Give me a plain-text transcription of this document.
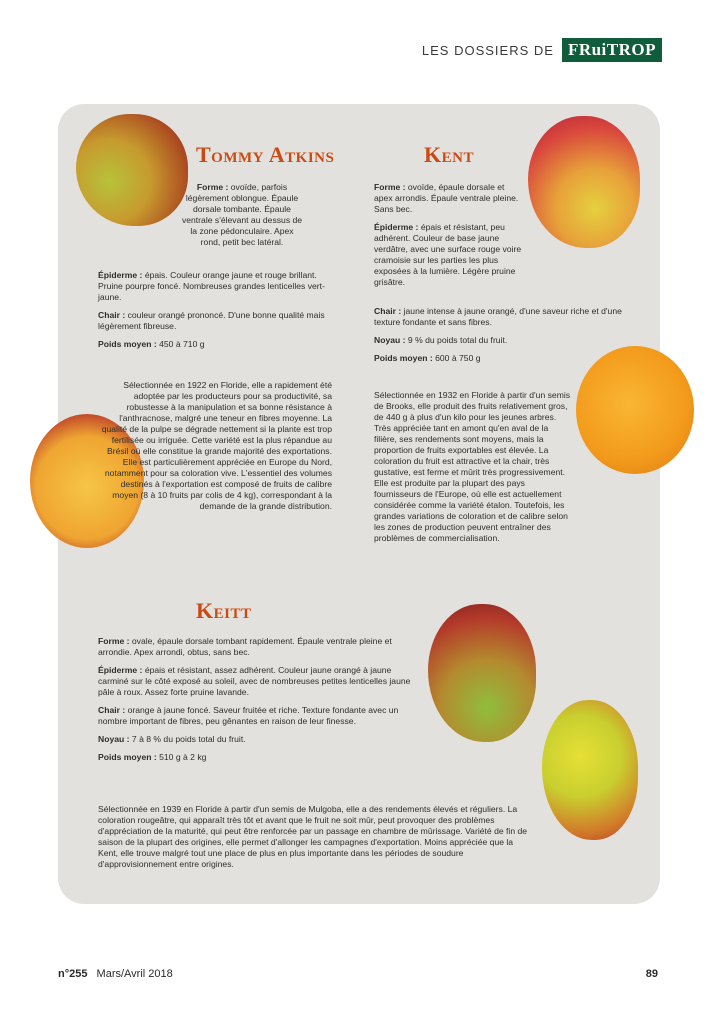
LES DOSSIERS DE FRuiTROP
Tommy Atkins

Forme : ovoïde, parfois légèrement oblongue. Épaule dorsale tombante. Épaule ventrale s'élevant au dessus de la zone pédonculaire. Apex rond, petit bec latéral.

Épiderme : épais. Couleur orange jaune et rouge brillant. Pruine pourpre foncé. Nombreuses grandes lenticelles vert-jaune.

Chair : couleur orangé prononcé. D'une bonne qualité mais légèrement fibreuse.

Poids moyen : 450 à 710 g

Sélectionnée en 1922 en Floride, elle a rapidement été adoptée par les producteurs pour sa productivité, sa robustesse à la manipulation et sa bonne résistance à l'anthracnose, malgré une teneur en fibres moyenne. La qualité de la pulpe se dégrade nettement si la plante est trop fertilisée ou irriguée. Cette variété est la plus répandue au Brésil où elle constitue la grande majorité des exportations. Elle est particulièrement appréciée en Europe du Nord, notamment pour sa coloration vive. L'essentiel des volumes destinés à l'exportation est composé de fruits de calibre moyen (8 à 10 fruits par colis de 4 kg), correspondant à la demande de la grande distribution.
Kent

Forme : ovoïde, épaule dorsale et apex arrondis. Épaule ventrale pleine. Sans bec.

Épiderme : épais et résistant, peu adhérent. Couleur de base jaune verdâtre, avec une surface rouge voire cramoisie sur les parties les plus exposées à la lumière. Légère pruine grisâtre.

Chair : jaune intense à jaune orangé, d'une saveur riche et d'une texture fondante et sans fibres.

Noyau : 9 % du poids total du fruit.

Poids moyen : 600 à 750 g

Sélectionnée en 1932 en Floride à partir d'un semis de Brooks, elle produit des fruits relativement gros, de 440 g à plus d'un kilo pour les jeunes arbres. Très appréciée tant en amont qu'en aval de la filière, ses rendements sont moyens, mais la proportion de fruits exportables est élevée. La coloration du fruit est attractive et la chair, très gustative, est ferme et mûrit très progressivement. Elle est produite par la plupart des pays fournisseurs de l'Europe, où elle est actuellement considérée comme la variété étalon. Toutefois, les grandes variations de coloration et de calibre selon les zones de production peuvent entraîner des problèmes de commercialisation.
Keitt

Forme : ovale, épaule dorsale tombant rapidement. Épaule ventrale pleine et arrondie. Apex arrondi, obtus, sans bec.

Épiderme : épais et résistant, assez adhérent. Couleur jaune orangé à jaune carminé sur le côté exposé au soleil, avec de nombreuses petites lenticelles jaune pâle à roux. Assez forte pruine lavande.

Chair : orange à jaune foncé. Saveur fruitée et riche. Texture fondante avec un nombre important de fibres, peu gênantes en raison de leur finesse.

Noyau : 7 à 8 % du poids total du fruit.

Poids moyen : 510 g à 2 kg

Sélectionnée en 1939 en Floride à partir d'un semis de Mulgoba, elle a des rendements élevés et réguliers. La coloration rougeâtre, qui apparaît très tôt et avant que le fruit ne soit mûr, peut provoquer des problèmes d'appréciation de la maturité, qui peut être renforcée par un passage en chambre de mûrissage. Variété de fin de saison de la plupart des origines, elle permet d'allonger les campagnes d'exportation. Moins appréciée que la Kent, elle trouve malgré tout une place de plus en plus importante dans les périodes de soudure d'approvisionnement entre origines.
n°255 Mars/Avril 2018	89
